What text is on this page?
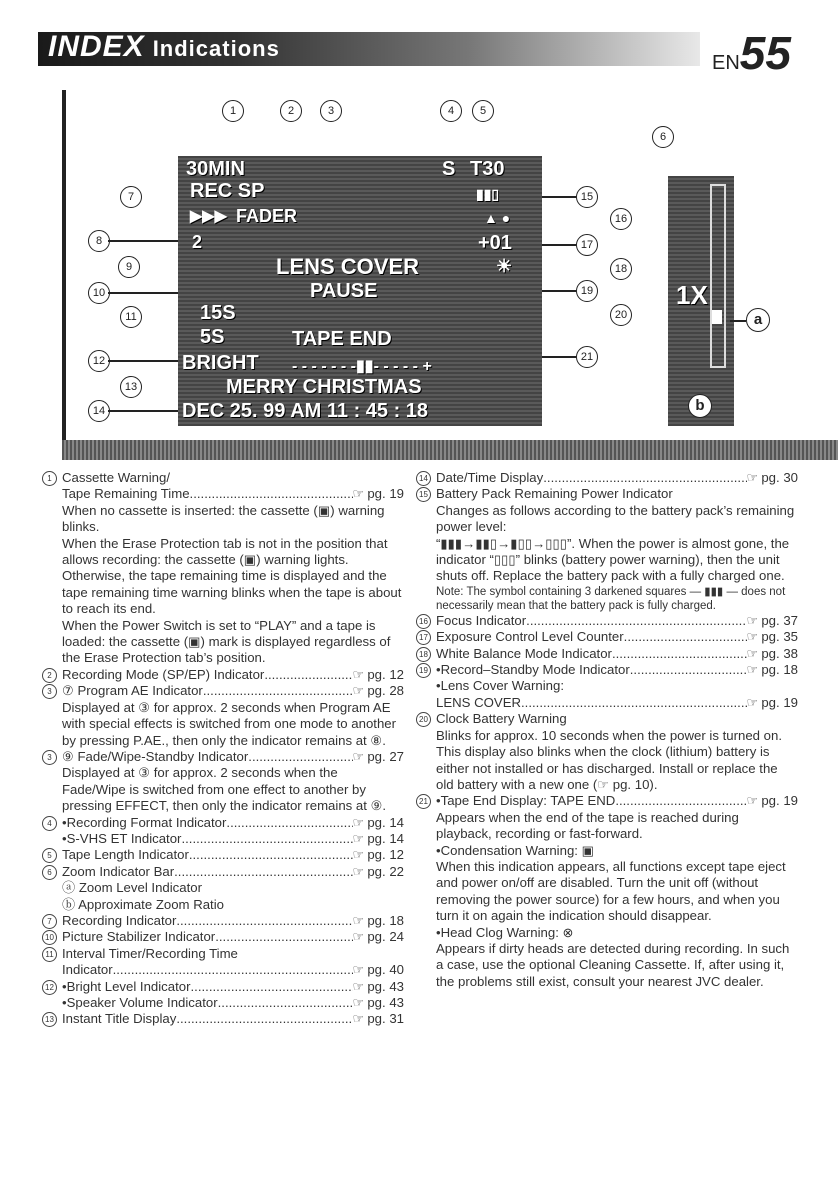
INDEX Indications
EN55
30MIN	S T30
REC SP
▶▶▶ FADER
▮▮▯
▲ ●
2	+01
LENS COVER	☀
PAUSE
15S
5S	TAPE END
BRIGHT - - - - - - -▮▮- - - - - +
MERRY CHRISTMAS
DEC 25. 99 AM 11 : 45 : 18
1X
1	2	3	4	5
6
7
8
9
10
11
12
13
14
15
16
17
18
19
20
21
a
b
1 Cassette Warning/
Tape Remaining Time .....	☞ pg. 19
When no cassette is inserted: the cassette (▣) warning blinks.
When the Erase Protection tab is not in the position that allows recording: the cassette (▣) warning lights. Otherwise, the tape remaining time is displayed and the tape remaining time warning blinks when the tape is about to reach its end.
When the Power Switch is set to “PLAY” and a tape is loaded: the cassette (▣) mark is displayed regardless of the Erase Protection tab’s position.
2 Recording Mode (SP/EP) Indicator .....	☞ pg. 12
3 ⑦ Program AE Indicator .....	☞ pg. 28
Displayed at ③ for approx. 2 seconds when Program AE with special effects is switched from one mode to another by pressing P.AE., then only the indicator remains at ⑧.
3 ⑨ Fade/Wipe-Standby Indicator .....	☞ pg. 27
Displayed at ③ for approx. 2 seconds when the Fade/Wipe is switched from one effect to another by pressing EFFECT, then only the indicator remains at ⑨.
4 •Recording Format Indicator .....	☞ pg. 14
•S-VHS ET Indicator .....	☞ pg. 14
5 Tape Length Indicator .....	☞ pg. 12
6 Zoom Indicator Bar .....	☞ pg. 22
ⓐ Zoom Level Indicator
ⓑ Approximate Zoom Ratio
7 Recording Indicator .....	☞ pg. 18
10 Picture Stabilizer Indicator .....	☞ pg. 24
11 Interval Timer/Recording Time
Indicator .....	☞ pg. 40
12 •Bright Level Indicator .....	☞ pg. 43
•Speaker Volume Indicator .....	☞ pg. 43
13 Instant Title Display .....	☞ pg. 31
14 Date/Time Display .....	☞ pg. 30
15 Battery Pack Remaining Power Indicator
Changes as follows according to the battery pack’s remaining power level:
“▮▮▮→▮▮▯→▮▯▯→▯▯▯”. When the power is almost gone, the indicator “▯▯▯” blinks (battery power warning), then the unit shuts off. Replace the battery pack with a fully charged one.
Note: The symbol containing 3 darkened squares — ▮▮▮ — does not necessarily mean that the battery pack is fully charged.
16 Focus Indicator .....	☞ pg. 37
17 Exposure Control Level Counter .....	☞ pg. 35
18 White Balance Mode Indicator .....	☞ pg. 38
19 •Record–Standby Mode Indicator .....	☞ pg. 18
•Lens Cover Warning:
LENS COVER .....	☞ pg. 19
20 Clock Battery Warning
Blinks for approx. 10 seconds when the power is turned on. This display also blinks when the clock (lithium) battery is either not installed or has discharged. Install or replace the old battery with a new one (☞ pg. 10).
21 •Tape End Display: TAPE END .....	☞ pg. 19
Appears when the end of the tape is reached during playback, recording or fast-forward.
•Condensation Warning: ▣
When this indication appears, all functions except tape eject and power on/off are disabled. Turn the unit off (without removing the power source) for a few hours, and when you turn it on again the indication should disappear.
•Head Clog Warning: ⊗
Appears if dirty heads are detected during recording. In such a case, use the optional Cleaning Cassette. If, after using it, the problems still exist, consult your nearest JVC dealer.
